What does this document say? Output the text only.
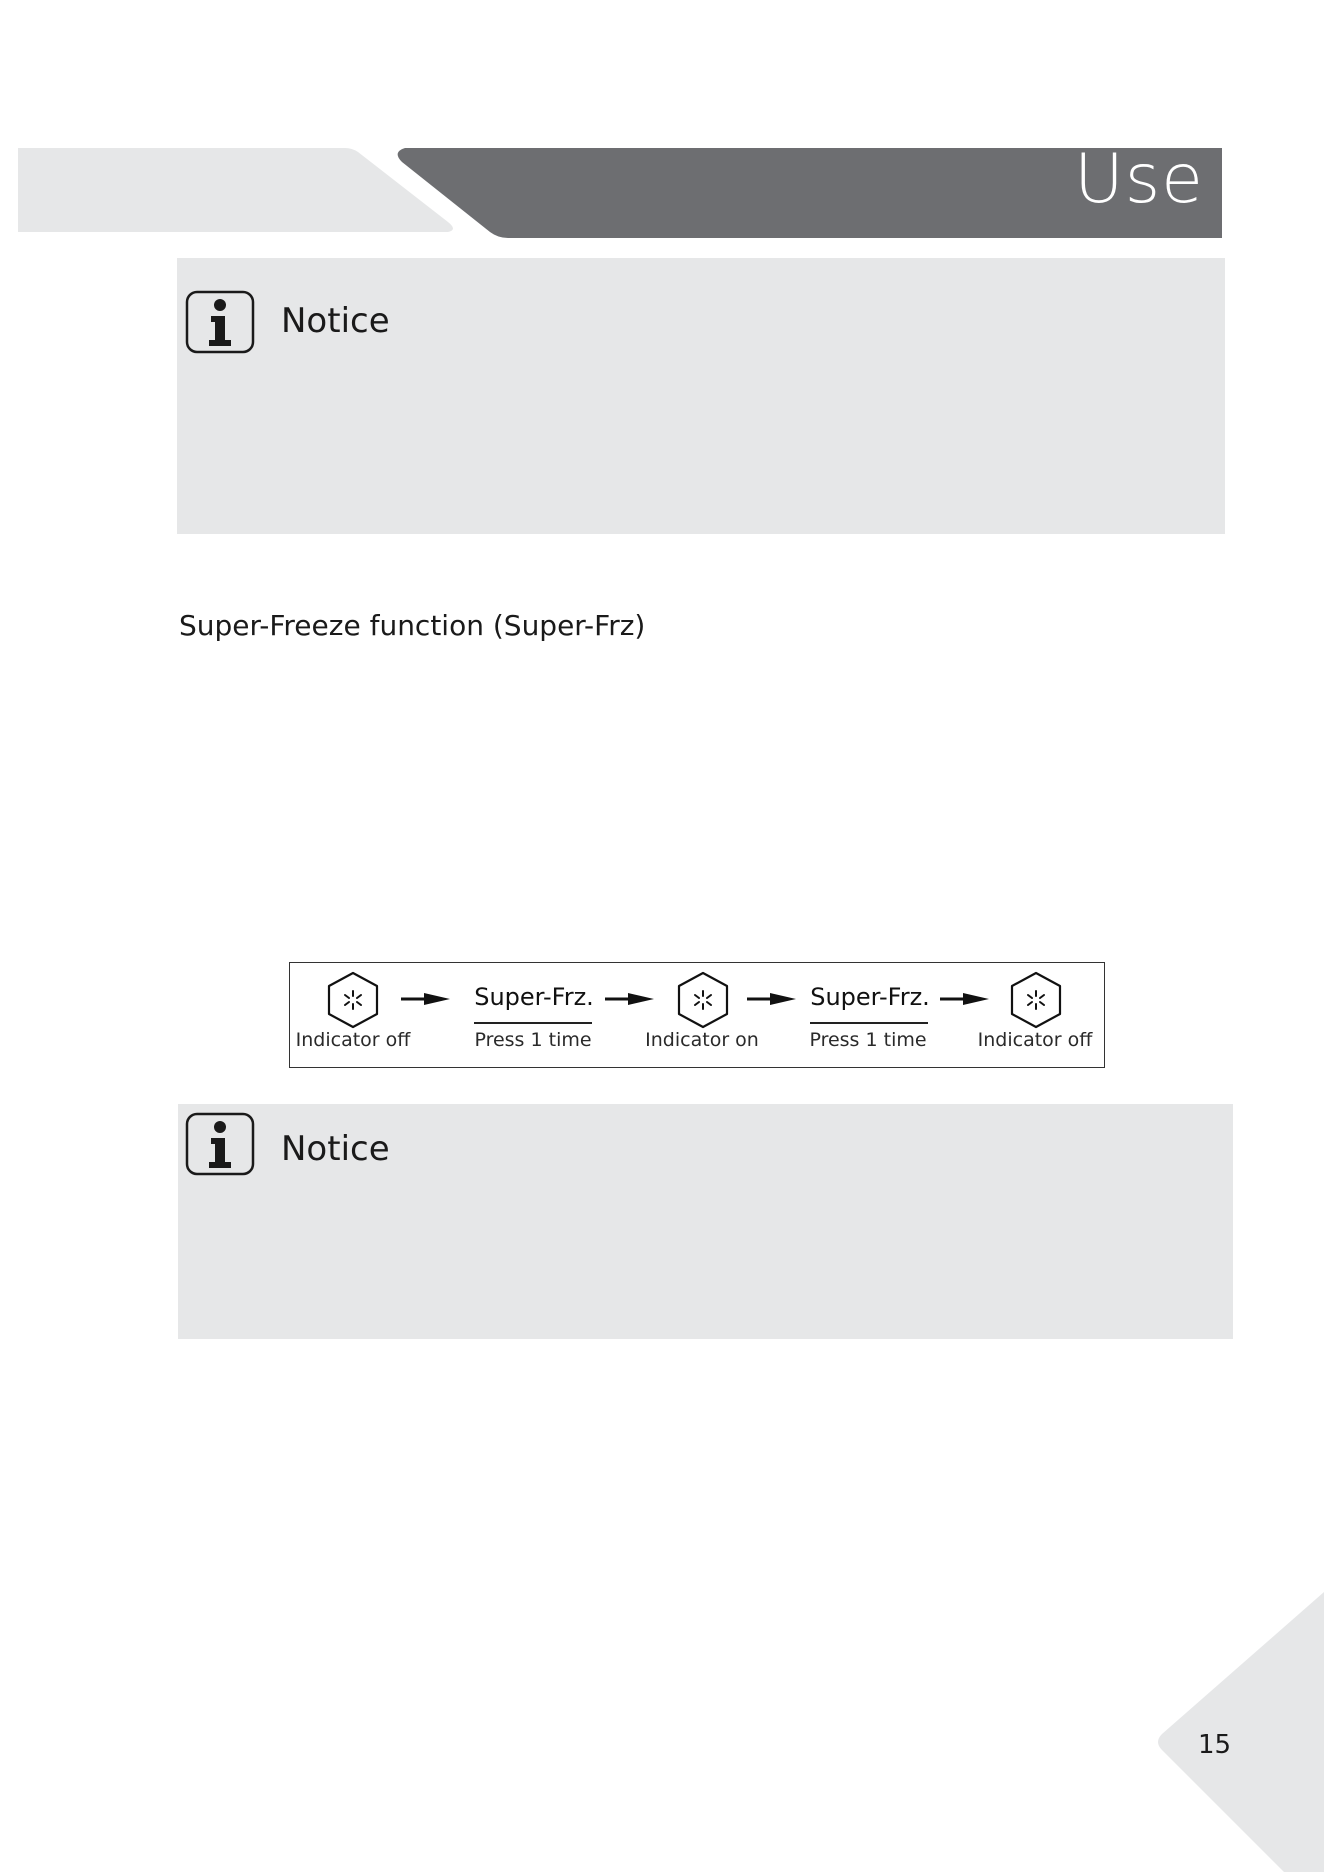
Use
Notice
Super-Freeze function (Super-Frz)
Indicator off
Super-Frz.
Press 1 time	Indicator on
Super-Frz.
Press 1 time	Indicator off
Notice
15
